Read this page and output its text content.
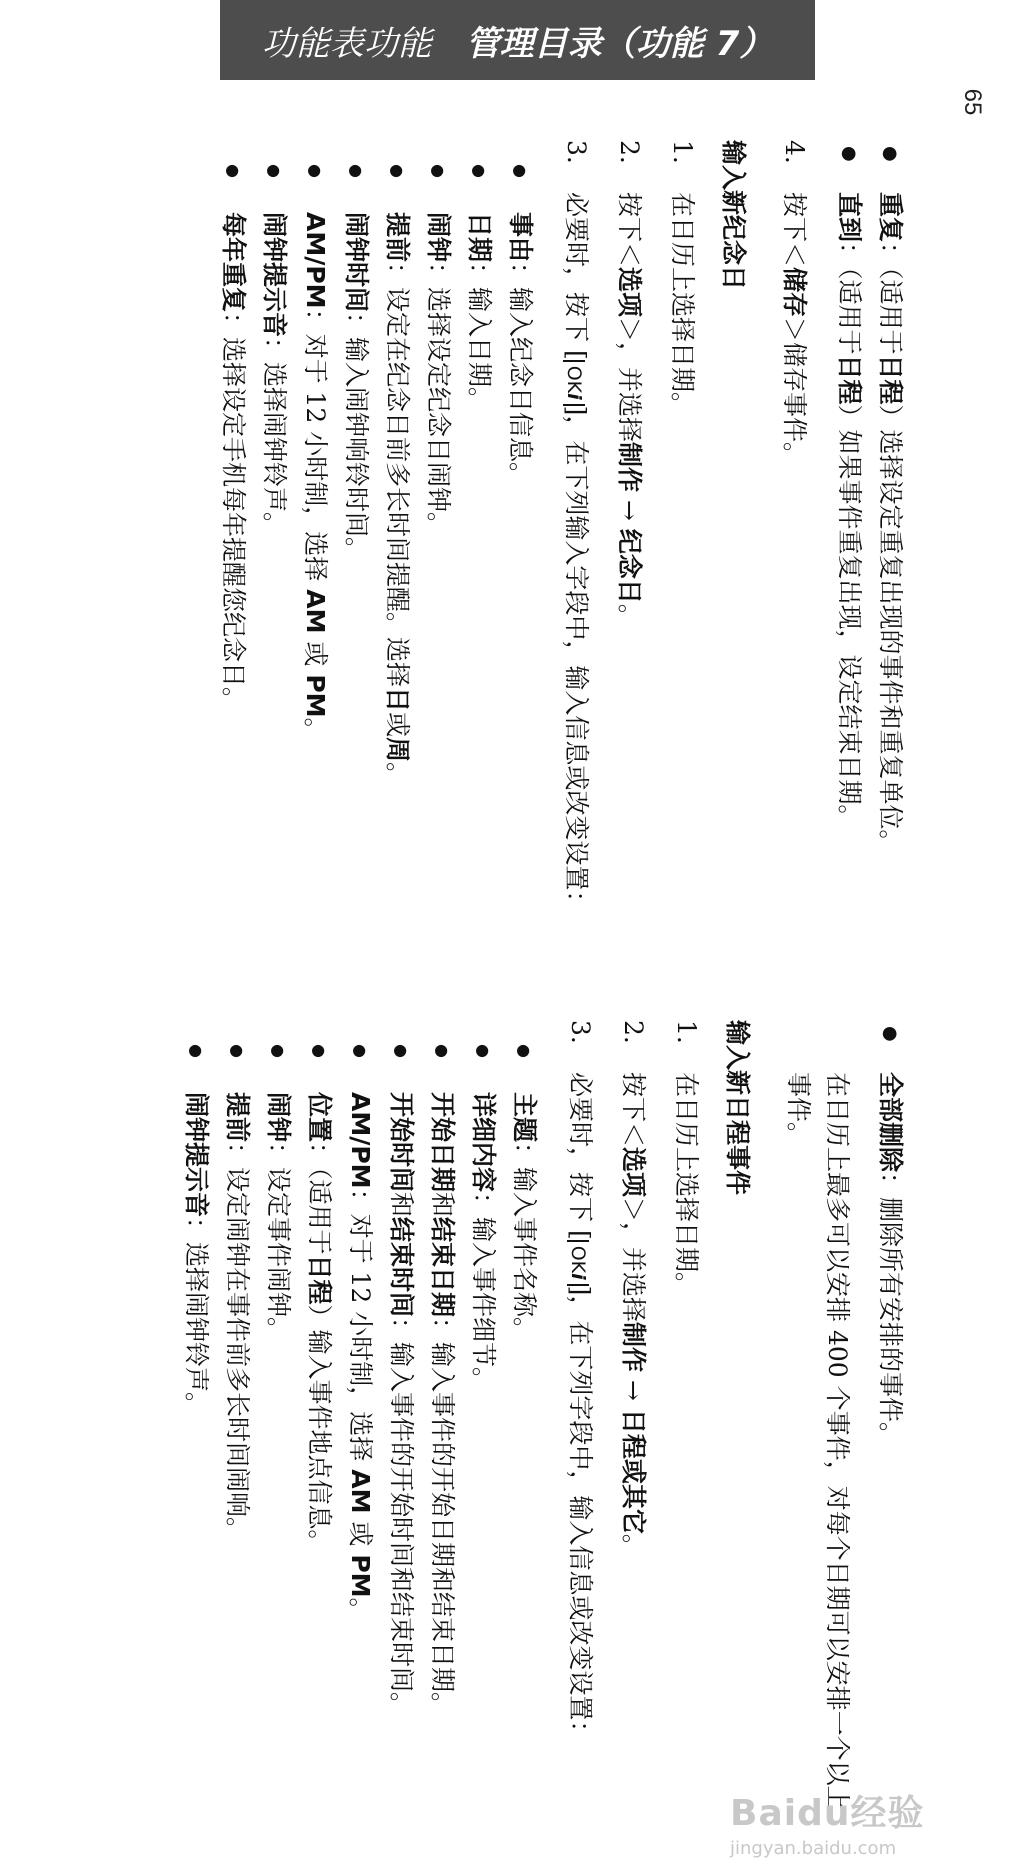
功能表功能 管理目录（功能 7）
65
● 全部删除：删除所有安排的事件。
在日历上最多可以安排 400 个事件，对每个日期可以安排一个以上事件。
输入新日程事件
1.
在日历上选择日期。
2.
按下＜选项＞，并选择制作 → 日程或其它。
3.
必要时，按下 [OKi]，在下列字段中，输入信息或改变设置：
● 主题：输入事件名称。
● 详细内容：输入事件细节。
● 开始日期和结束日期：输入事件的开始日期和结束日期。
● 开始时间和结束时间：输入事件的开始时间和结束时间。
● AM/PM：对于 12 小时制，选择 AM 或 PM。
● 位置：（适用于日程）输入事件地点信息。
● 闹钟：设定事件闹钟。
● 提前：设定闹钟在事件前多长时间闹响。
● 闹钟提示音：选择闹钟铃声。
● 重复：（适用于日程）选择设定重复出现的事件和重复单位。
● 直到：（适用于日程）如果事件重复出现，设定结束日期。
4.
按下＜储存＞储存事件。
输入新纪念日
1.
在日历上选择日期。
2.
按下＜选项＞，并选择制作 → 纪念日。
3.
必要时，按下 [OKi]，在下列输入字段中，输入信息或改变设置：
● 事由：输入纪念日信息。
● 日期：输入日期。
● 闹钟：选择设定纪念日闹钟。
● 提前：设定在纪念日前多长时间提醒。选择日或周。
● 闹钟时间：输入闹钟响铃时间。
● AM/PM：对于 12 小时制，选择 AM 或 PM。
● 闹钟提示音：选择闹钟铃声。
● 每年重复：选择设定手机每年提醒您纪念日。
Baidu经验
jingyan.baidu.com
